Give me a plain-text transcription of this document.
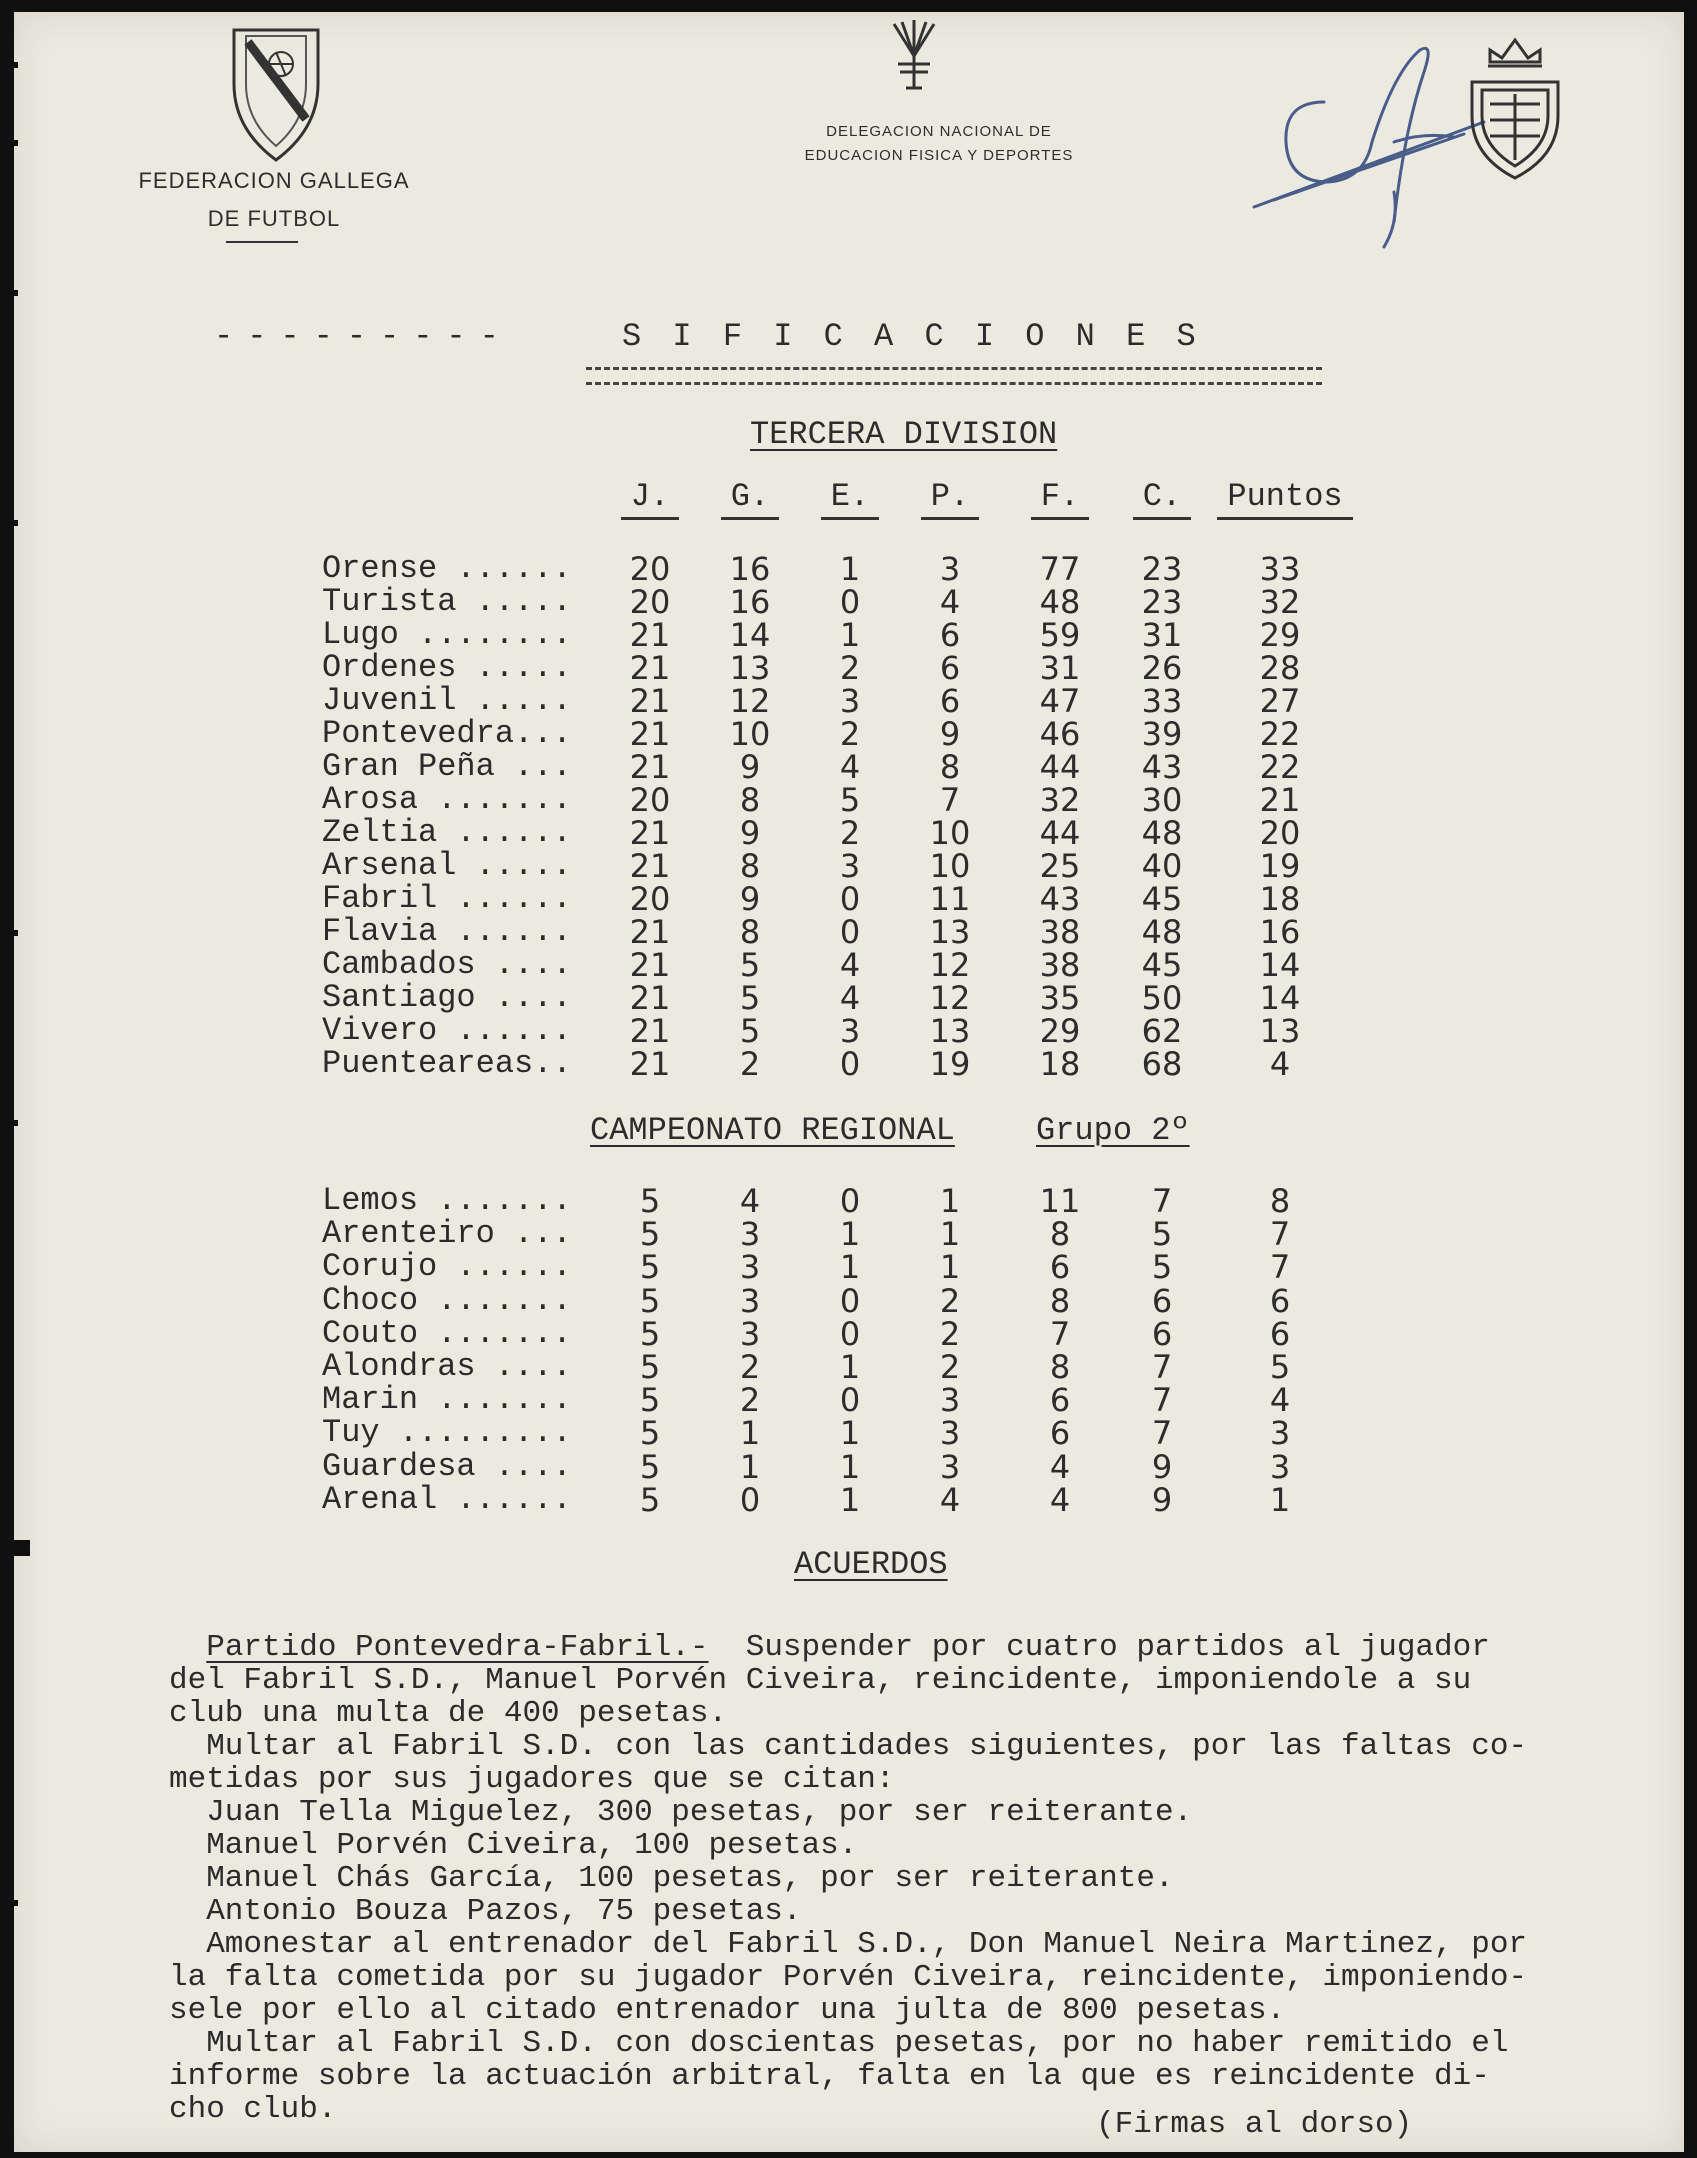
FEDERACION GALLEGA
DE FUTBOL
DELEGACION NACIONAL DE
EDUCACION FISICA Y DEPORTES
---------	S I F I C A C I O N E S
TERCERA DIVISION
J.	G.	E.	P.	F.	C.	Puntos
Orense ......	20	16	1	3	77	23	33
Turista .....	20	16	0	4	48	23	32
Lugo ........	21	14	1	6	59	31	29
Ordenes .....	21	13	2	6	31	26	28
Juvenil .....	21	12	3	6	47	33	27
Pontevedra...	21	10	2	9	46	39	22
Gran Peña ...	21	9	4	8	44	43	22
Arosa .......	20	8	5	7	32	30	21
Zeltia ......	21	9	2	10	44	48	20
Arsenal .....	21	8	3	10	25	40	19
Fabril ......	20	9	0	11	43	45	18
Flavia ......	21	8	0	13	38	48	16
Cambados ....	21	5	4	12	38	45	14
Santiago ....	21	5	4	12	35	50	14
Vivero ......	21	5	3	13	29	62	13
Puenteareas..	21	2	0	19	18	68	4
CAMPEONATO REGIONAL	Grupo 2º
Lemos .......	5	4	0	1	11	7	8
Arenteiro ...	5	3	1	1	8	5	7
Corujo ......	5	3	1	1	6	5	7
Choco .......	5	3	0	2	8	6	6
Couto .......	5	3	0	2	7	6	6
Alondras ....	5	2	1	2	8	7	5
Marin .......	5	2	0	3	6	7	4
Tuy .........	5	1	1	3	6	7	3
Guardesa ....	5	1	1	3	4	9	3
Arenal ......	5	0	1	4	4	9	1
ACUERDOS
Partido Pontevedra-Fabril.-  Suspender por cuatro partidos al jugador
del Fabril S.D., Manuel Porvén Civeira, reincidente, imponiendole a su
club una multa de 400 pesetas.
Multar al Fabril S.D. con las cantidades siguientes, por las faltas co-
metidas por sus jugadores que se citan:
Juan Tella Miguelez, 300 pesetas, por ser reiterante.
Manuel Porvén Civeira, 100 pesetas.
Manuel Chás García, 100 pesetas, por ser reiterante.
Antonio Bouza Pazos, 75 pesetas.
Amonestar al entrenador del Fabril S.D., Don Manuel Neira Martinez, por
la falta cometida por su jugador Porvén Civeira, reincidente, imponiendo-
sele por ello al citado entrenador una julta de 800 pesetas.
Multar al Fabril S.D. con doscientas pesetas, por no haber remitido el
informe sobre la actuación arbitral, falta en la que es reincidente di-
cho club.	(Firmas al dorso)
